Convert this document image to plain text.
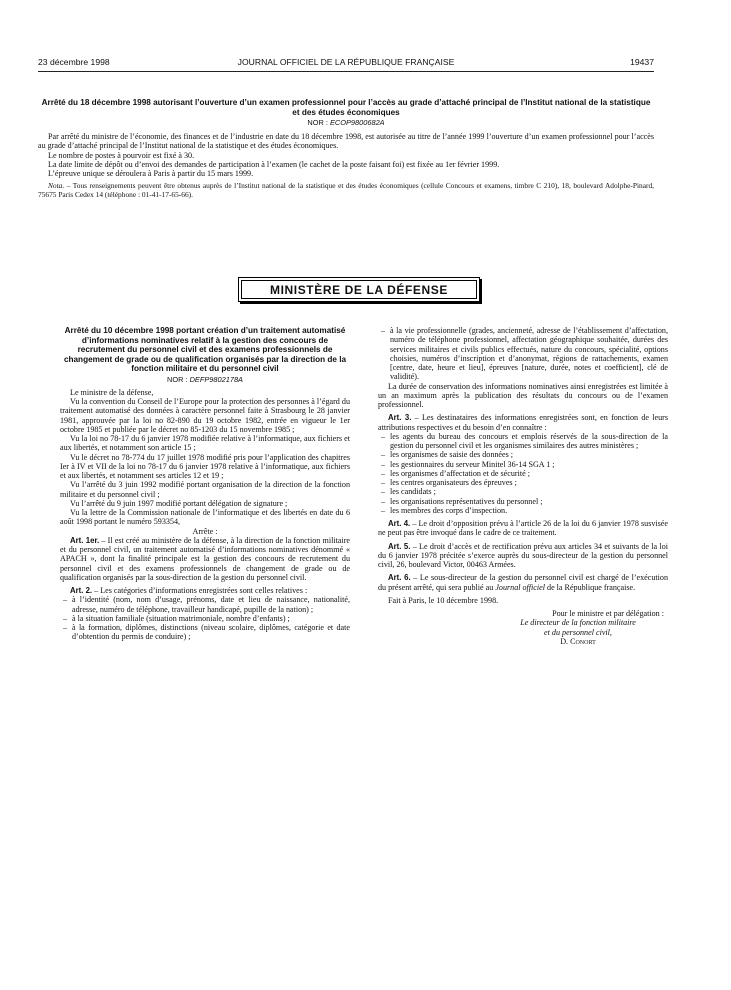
23 décembre 1998	JOURNAL OFFICIEL DE LA RÉPUBLIQUE FRANÇAISE	19437
Arrêté du 18 décembre 1998 autorisant l’ouverture d’un examen professionnel pour l’accès au grade d’attaché principal de l’Institut national de la statistique et des études économiques
NOR : ECOP9800682A

Par arrêté du ministre de l’économie, des finances et de l’industrie en date du 18 décembre 1998, est autorisée au titre de l’année 1999 l’ouverture d’un examen professionnel pour l’accès au grade d’attaché principal de l’Institut national de la statistique et des études économiques.

Le nombre de postes à pourvoir est fixé à 30.

La date limite de dépôt ou d’envoi des demandes de participation à l’examen (le cachet de la poste faisant foi) est fixée au 1er février 1999.

L’épreuve unique se déroulera à Paris à partir du 15 mars 1999.

Nota. – Tous renseignements peuvent être obtenus auprès de l’Institut national de la statistique et des études économiques (cellule Concours et examens, timbre C 210), 18, boulevard Adolphe-Pinard, 75675 Paris Cedex 14 (téléphone : 01-41-17-65-66).

MINISTÈRE DE LA DÉFENSE
Arrêté du 10 décembre 1998 portant création d’un traitement automatisé d’informations nominatives relatif à la gestion des concours de recrutement du personnel civil et des examens professionnels de changement de grade ou de qualification organisés par la direction de la fonction militaire et du personnel civil
NOR : DEFP9802178A

Le ministre de la défense,

Vu la convention du Conseil de l’Europe pour la protection des personnes à l’égard du traitement automatisé des données à caractère personnel faite à Strasbourg le 28 janvier 1981, approuvée par la loi no 82-890 du 19 octobre 1982, entrée en vigueur le 1er octobre 1985 et publiée par le décret no 85-1203 du 15 novembre 1985 ;

Vu la loi no 78-17 du 6 janvier 1978 modifiée relative à l’informatique, aux fichiers et aux libertés, et notamment son article 15 ;

Vu le décret no 78-774 du 17 juillet 1978 modifié pris pour l’application des chapitres Ier à IV et VII de la loi no 78-17 du 6 janvier 1978 relative à l’informatique, aux fichiers et aux libertés, et notamment ses articles 12 et 19 ;

Vu l’arrêté du 3 juin 1992 modifié portant organisation de la direction de la fonction militaire et du personnel civil ;

Vu l’arrêté du 9 juin 1997 modifié portant délégation de signature ;

Vu la lettre de la Commission nationale de l’informatique et des libertés en date du 6 août 1998 portant le numéro 593354,

Arrête :

Art. 1er. – Il est créé au ministère de la défense, à la direction de la fonction militaire et du personnel civil, un traitement automatisé d’informations nominatives dénommé « APACH », dont la finalité principale est la gestion des concours de recrutement du personnel civil et des examens professionnels de changement de grade ou de qualification organisés par la sous-direction de la gestion du personnel civil.

Art. 2. – Les catégories d’informations enregistrées sont celles relatives :

– à l’identité (nom, nom d’usage, prénoms, date et lieu de naissance, nationalité, adresse, numéro de téléphone, travailleur handicapé, pupille de la nation) ;
– à la situation familiale (situation matrimoniale, nombre d’enfants) ;
– à la formation, diplômes, distinctions (niveau scolaire, diplômes, catégorie et date d’obtention du permis de conduire) ;
– à la vie professionnelle (grades, ancienneté, adresse de l’établissement d’affectation, numéro de téléphone professionnel, affectation géographique souhaitée, durées des services militaires et civils publics effectués, nature du concours, spécialité, options choisies, numéros d’inscription et d’anonymat, régions de rattachements, examen [centre, date, heure et lieu], épreuves [nature, durée, notes et coefficient], clé de validité).

La durée de conservation des informations nominatives ainsi enregistrées est limitée à un an maximum après la publication des résultats du concours ou de l’examen professionnel.

Art. 3. – Les destinataires des informations enregistrées sont, en fonction de leurs attributions respectives et du besoin d’en connaître :

– les agents du bureau des concours et emplois réservés de la sous-direction de la gestion du personnel civil et les organismes similaires des autres ministères ;
– les organismes de saisie des données ;
– les gestionnaires du serveur Minitel 36-14 SGA 1 ;
– les organismes d’affectation et de sécurité ;
– les centres organisateurs des épreuves ;
– les candidats ;
– les organisations représentatives du personnel ;
– les membres des corps d’inspection.

Art. 4. – Le droit d’opposition prévu à l’article 26 de la loi du 6 janvier 1978 susvisée ne peut pas être invoqué dans le cadre de ce traitement.

Art. 5. – Le droit d’accès et de rectification prévu aux articles 34 et suivants de la loi du 6 janvier 1978 précitée s’exerce auprès du sous-directeur de la gestion du personnel civil, 26, boulevard Victor, 00463 Armées.

Art. 6. – Le sous-directeur de la gestion du personnel civil est chargé de l’exécution du présent arrêté, qui sera publié au Journal officiel de la République française.

Fait à Paris, le 10 décembre 1998.

Pour le ministre et par délégation :

Le directeur de la fonction militaire

et du personnel civil,

D. Conort
